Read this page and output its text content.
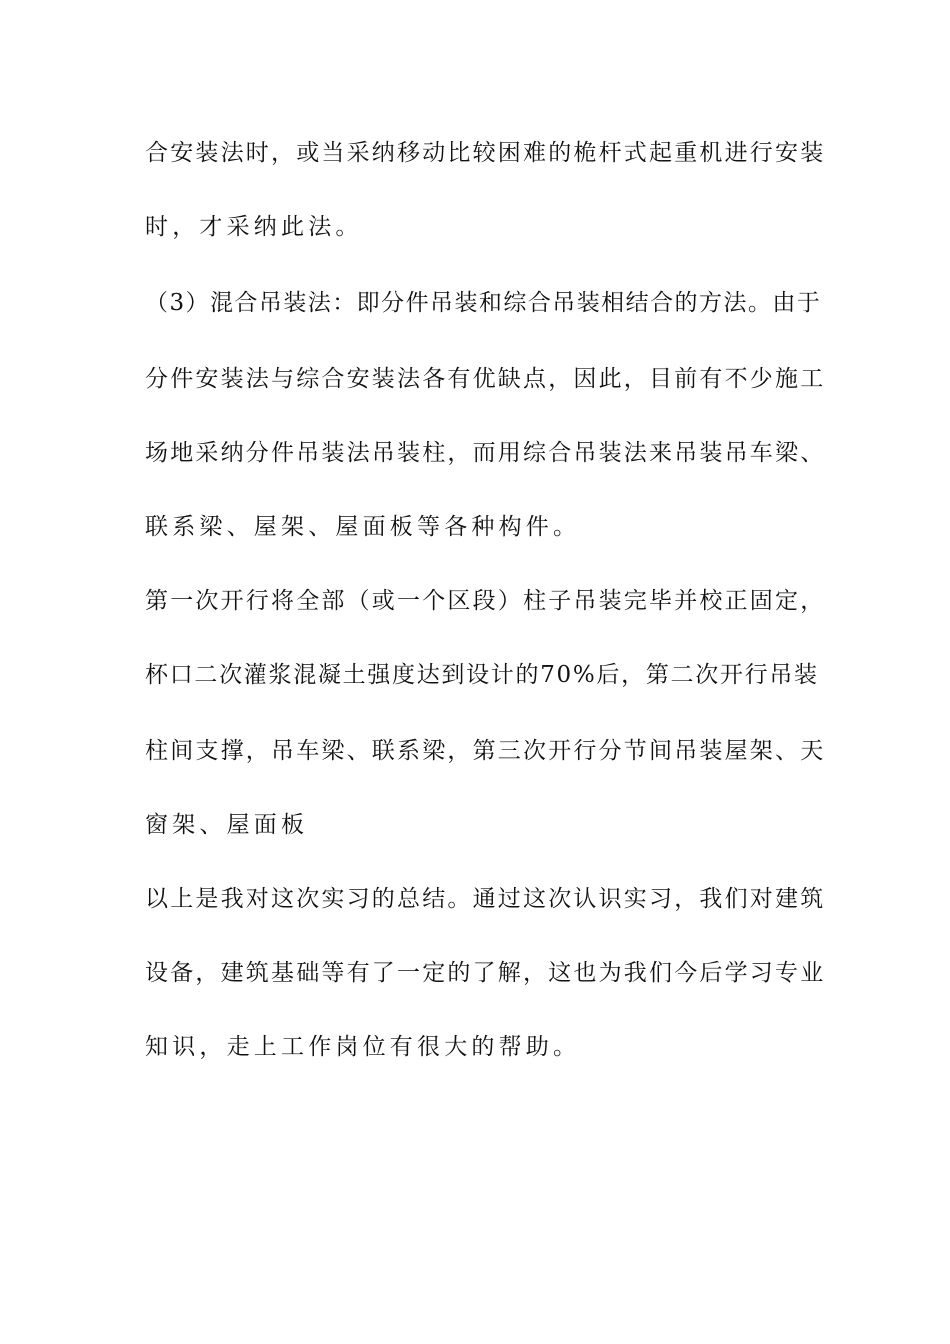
合安装法时，或当采纳移动比较困难的桅杆式起重机进行安装
时，才采纳此法。
（3）混合吊装法：即分件吊装和综合吊装相结合的方法。由于
分件安装法与综合安装法各有优缺点，因此，目前有不少施工
场地采纳分件吊装法吊装柱，而用综合吊装法来吊装吊车梁、
联系梁、屋架、屋面板等各种构件。
第一次开行将全部（或一个区段）柱子吊装完毕并校正固定，
杯口二次灌浆混凝土强度达到设计的70%后，第二次开行吊装
柱间支撑，吊车梁、联系梁，第三次开行分节间吊装屋架、天
窗架、屋面板
以上是我对这次实习的总结。通过这次认识实习，我们对建筑
设备，建筑基础等有了一定的了解，这也为我们今后学习专业
知识，走上工作岗位有很大的帮助。
